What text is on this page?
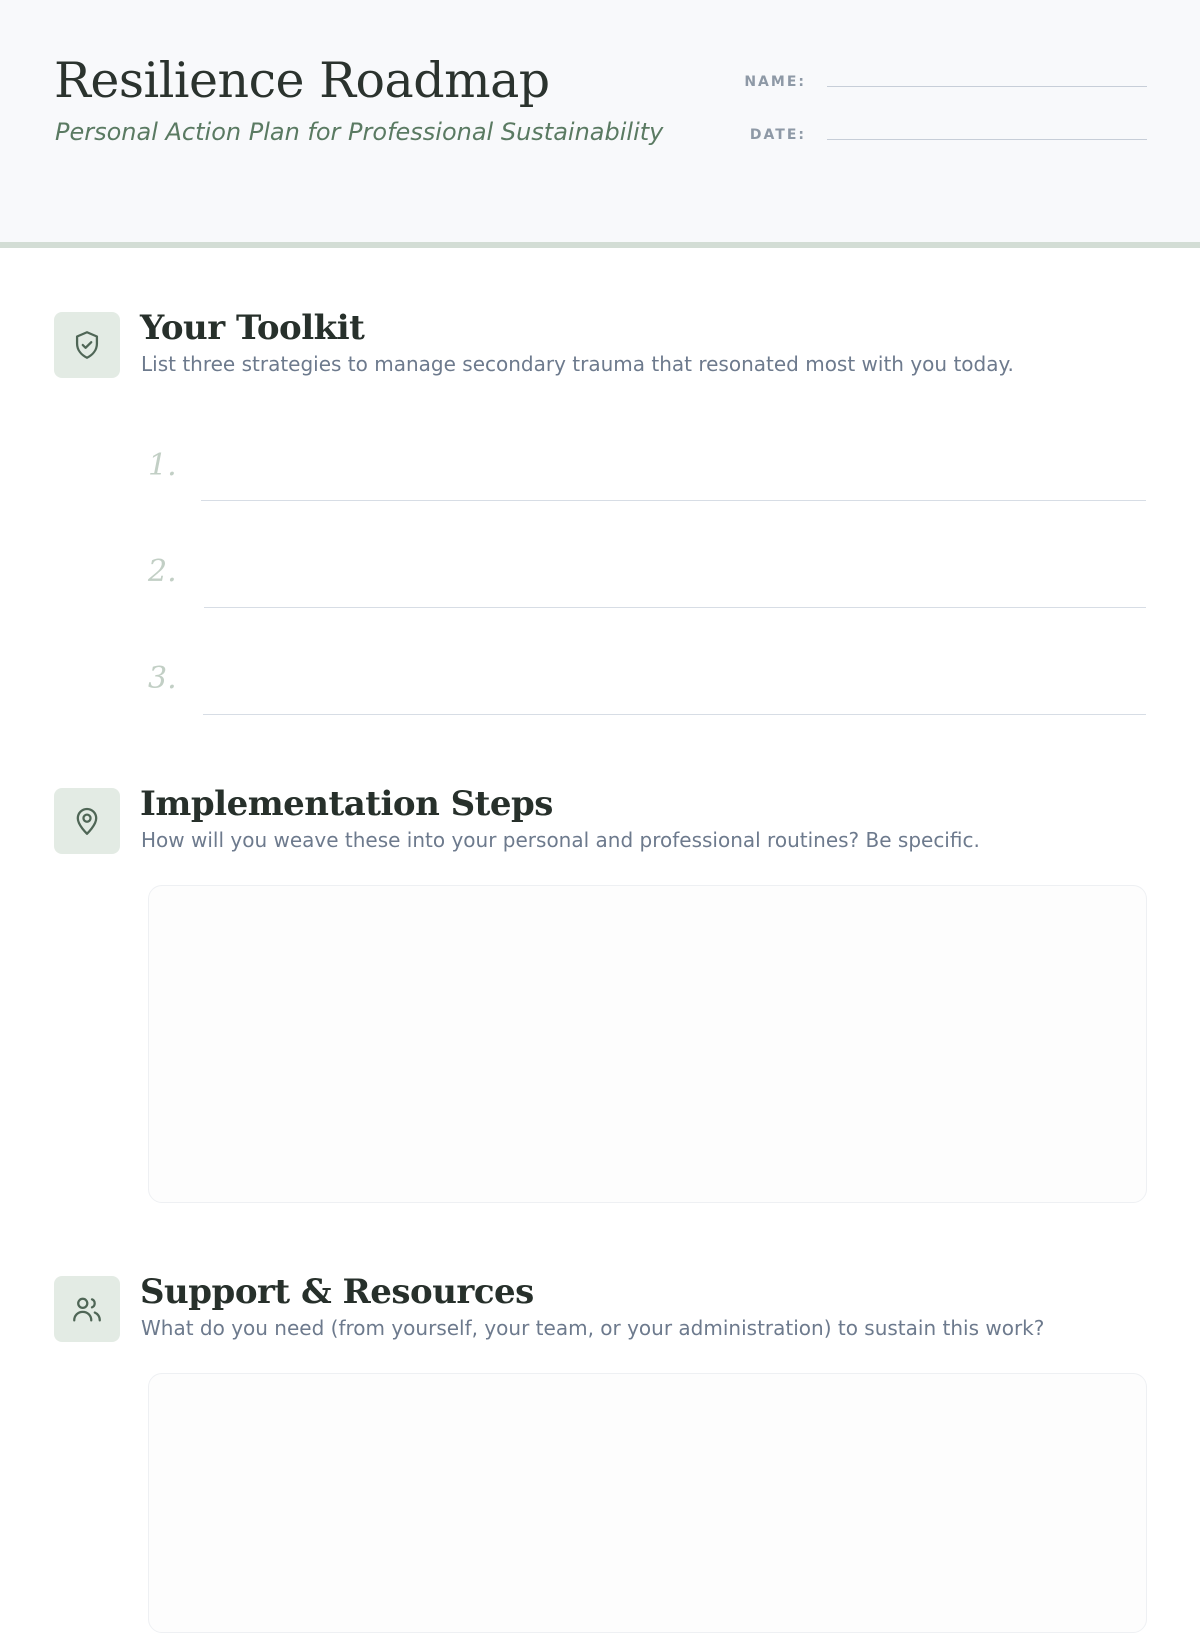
Resilience Roadmap
Personal Action Plan for Professional Sustainability
NAME:
DATE:
Your Toolkit
List three strategies to manage secondary trauma that resonated most with you today.
1.
2.
3.
Implementation Steps
How will you weave these into your personal and professional routines? Be specific.
Support & Resources
What do you need (from yourself, your team, or your administration) to sustain this work?
